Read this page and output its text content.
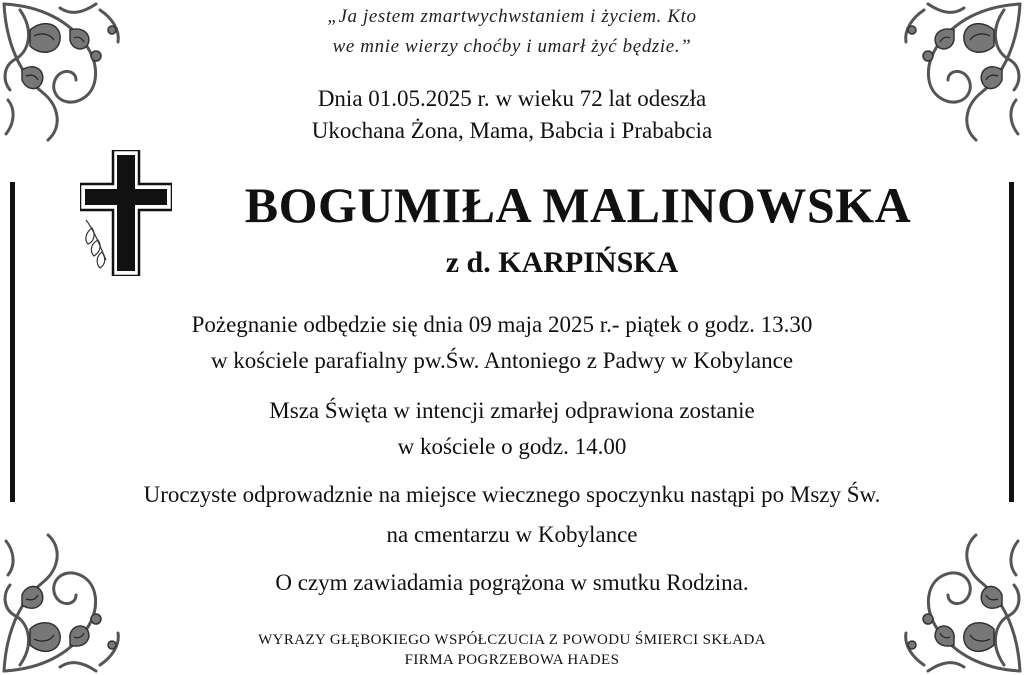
„Ja jestem zmartwychwstaniem i życiem. Kto
we mnie wierzy choćby i umarł żyć będzie.”
Dnia 01.05.2025 r. w wieku 72 lat odeszła
Ukochana Żona, Mama, Babcia i Prababcia
BOGUMIŁA MALINOWSKA
z d. KARPIŃSKA
Pożegnanie odbędzie się dnia 09 maja 2025 r.- piątek o godz. 13.30
w kościele parafialny pw.Św. Antoniego z Padwy w Kobylance
Msza Święta w intencji zmarłej odprawiona zostanie
w kościele o godz. 14.00
Uroczyste odprowadznie na miejsce wiecznego spoczynku nastąpi po Mszy Św.
na cmentarzu w Kobylance
O czym zawiadamia pogrążona w smutku Rodzina.
WYRAZY GŁĘBOKIEGO WSPÓŁCZUCIA Z POWODU ŚMIERCI SKŁADA
FIRMA POGRZEBOWA HADES
